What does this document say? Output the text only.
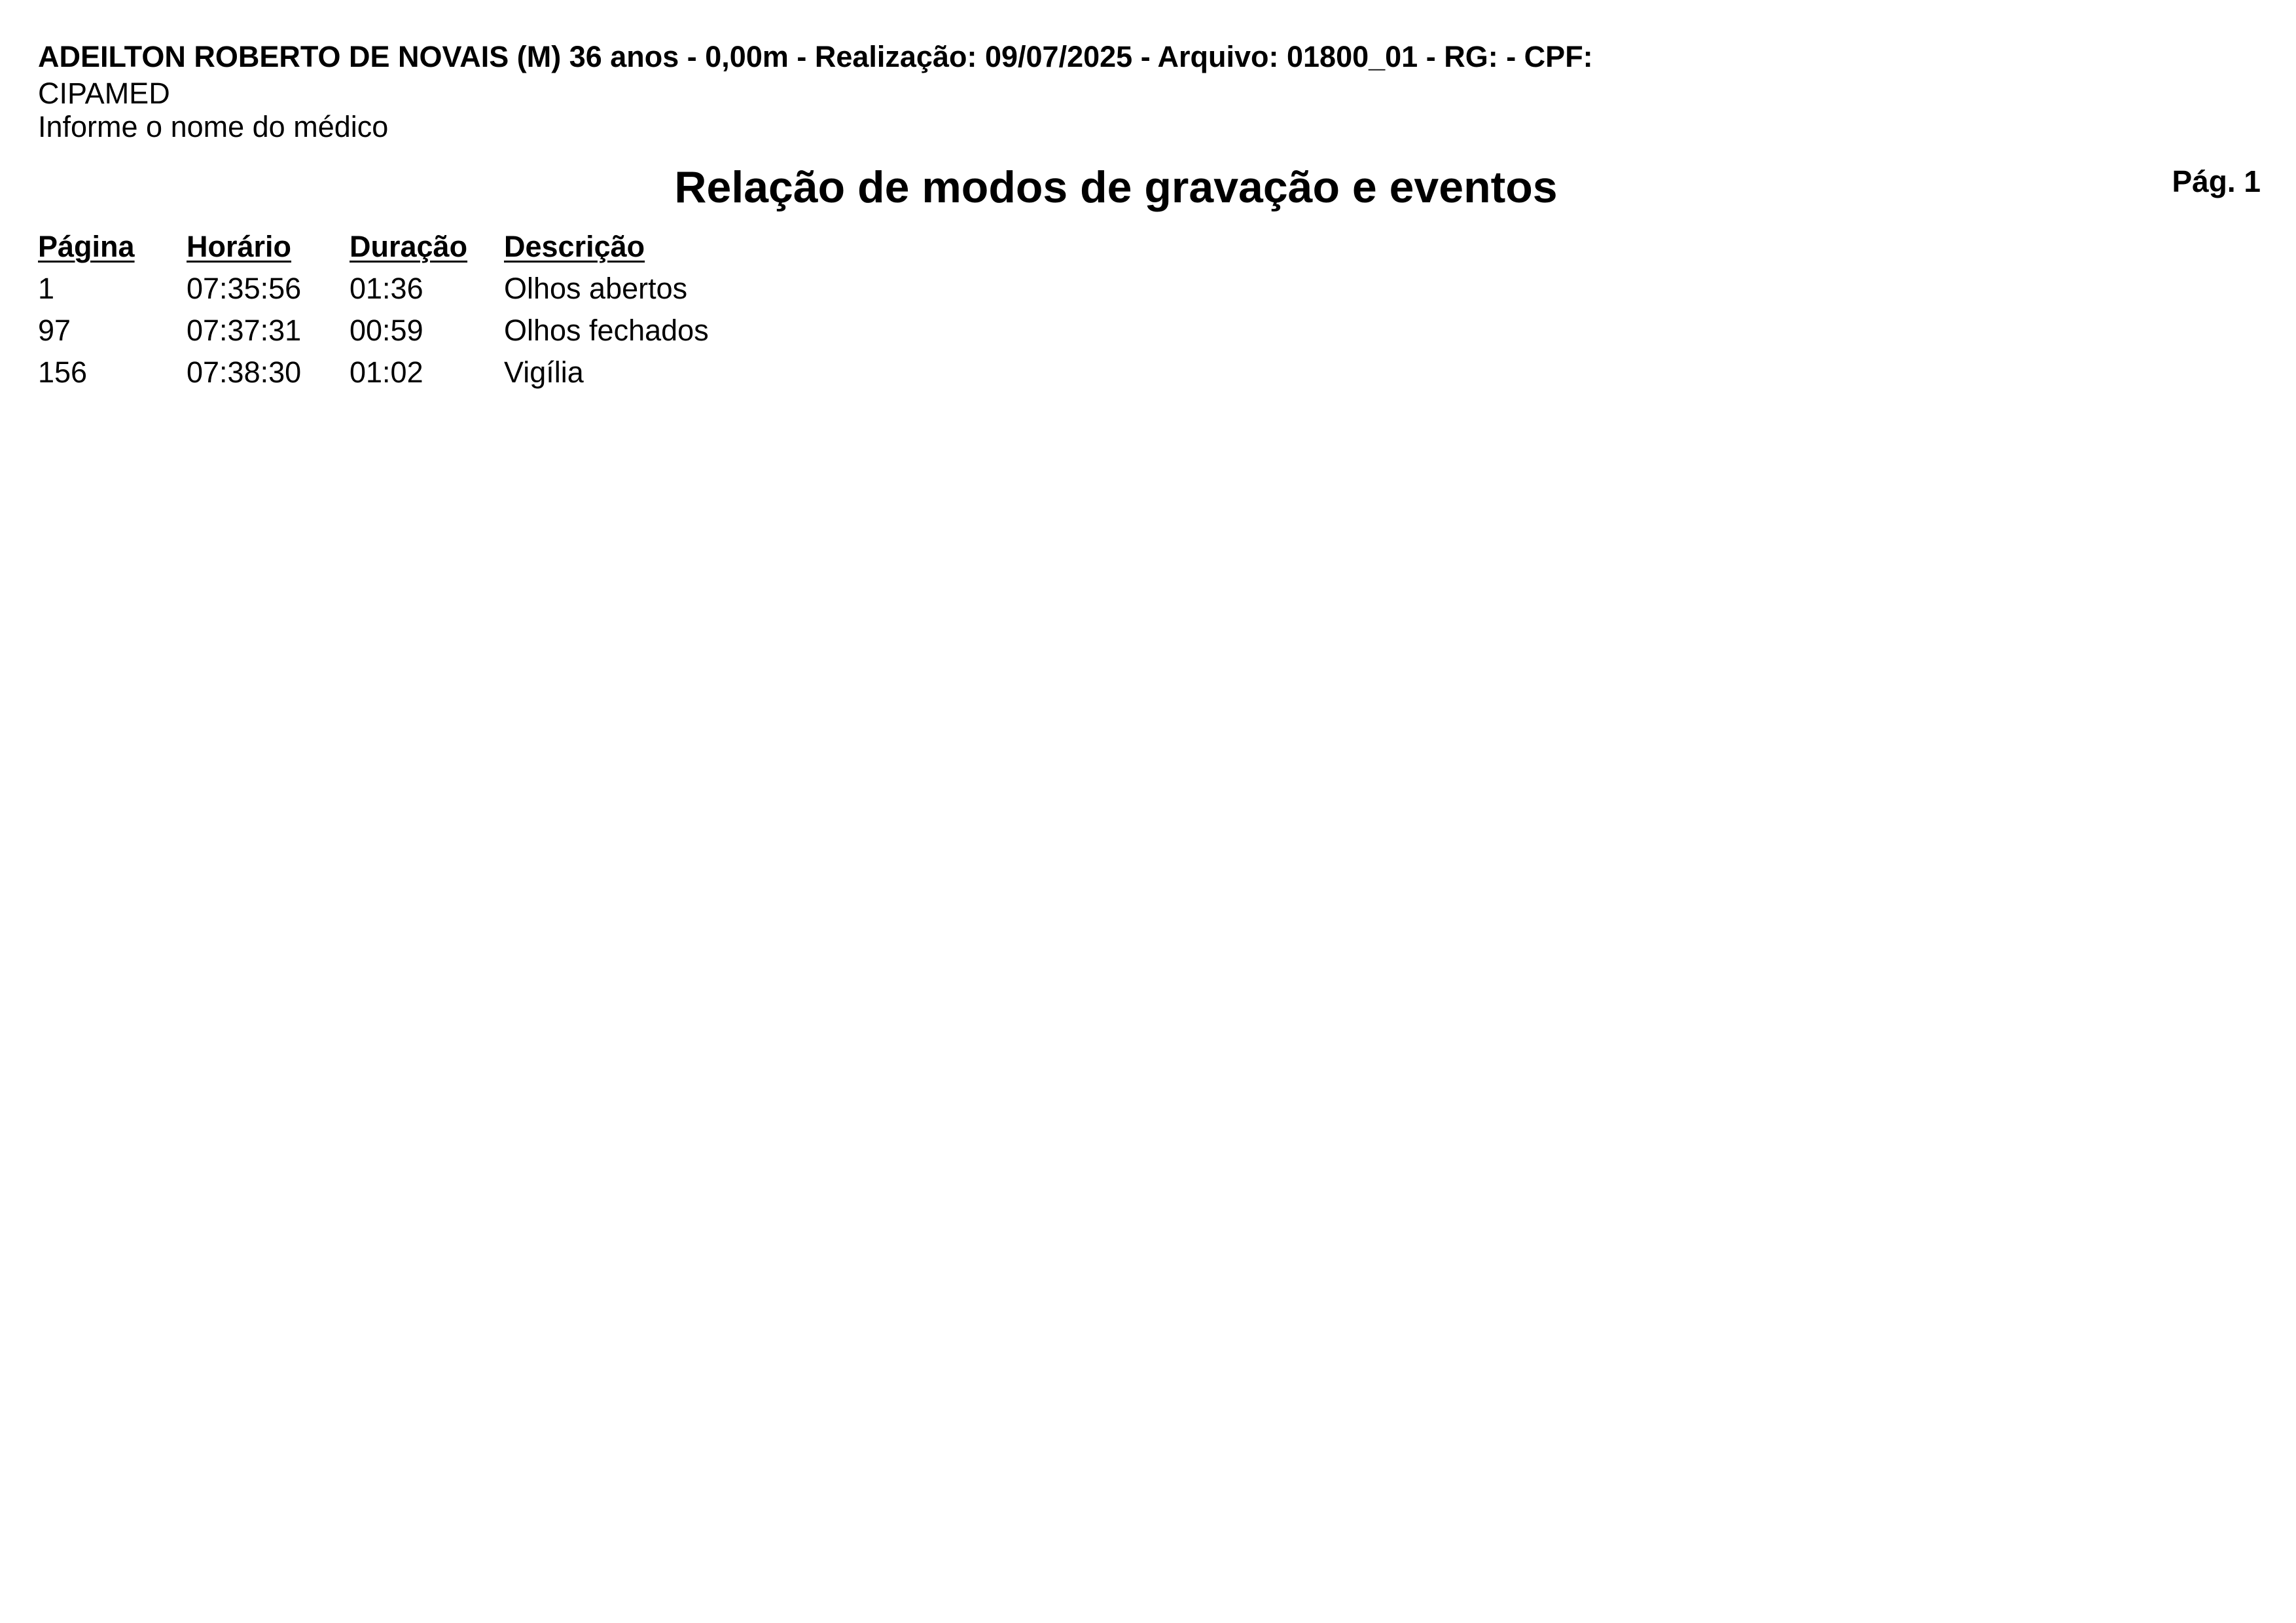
ADEILTON ROBERTO DE NOVAIS (M) 36 anos - 0,00m - Realização: 09/07/2025 - Arquivo: 01800_01 - RG: - CPF:
CIPAMED
Informe o nome do médico
Relação de modos de gravação e eventos	Pág. 1
Página	Horário	Duração	Descrição
1	07:35:56	01:36	Olhos abertos
97	07:37:31	00:59	Olhos fechados
156	07:38:30	01:02	Vigília
